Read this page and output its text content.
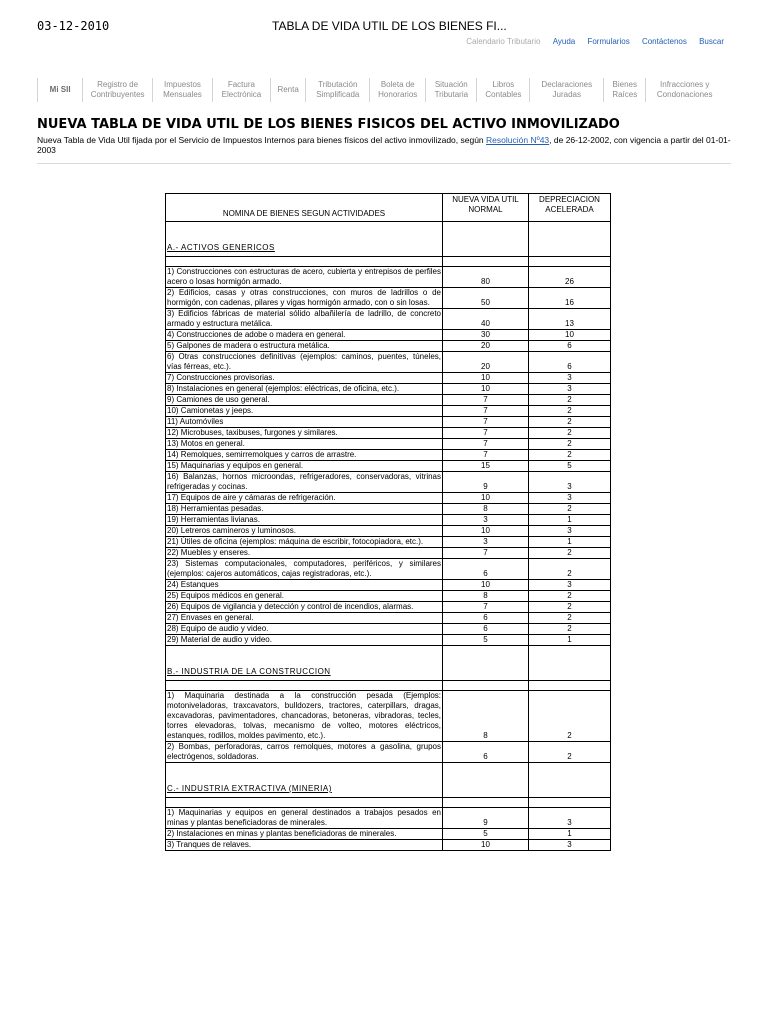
03-12-2010	TABLA DE VIDA UTIL DE LOS BIENES FI...
Calendario Tributario Ayuda Formularios Contáctenos Buscar
Mi SII
Registro de Contribuyentes
Impuestos Mensuales
Factura Electrónica
Renta
Tributación Simplificada
Boleta de Honorarios
Situación Tributaria
Libros Contables
Declaraciones Juradas
Bienes Raíces
Infracciones y Condonaciones
NUEVA TABLA DE VIDA UTIL DE LOS BIENES FISICOS DEL ACTIVO INMOVILIZADO
Nueva Tabla de Vida Util fijada por el Servicio de Impuestos Internos para bienes físicos del activo inmovilizado, según Resolución Nº43, de 26-12-2002, con vigencia a partir del 01-01-2003
NOMINA DE BIENES SEGUN ACTIVIDADES	NUEVA VIDA UTIL NORMAL	DEPRECIACION ACELERADA
A.- ACTIVOS GENERICOS		

1) Construcciones con estructuras de acero, cubierta y entrepisos de perfiles acero o losas hormigón armado.	80	26
2) Edificios, casas y otras construcciones, con muros de ladrillos o de hormigón, con cadenas, pilares y vigas hormigón armado, con o sin losas.	50	16
3) Edificios fábricas de material sólido albañilería de ladrillo, de concreto armado y estructura metálica.	40	13
4) Construcciones de adobe o madera en general.	30	10
5) Galpones de madera o estructura metálica.	20	6
6) Otras construcciones definitivas (ejemplos: caminos, puentes, túneles, vías férreas, etc.).	20	6
7) Construcciones provisorias.	10	3
8) Instalaciones en general (ejemplos: eléctricas, de oficina, etc.).	10	3
9) Camiones de uso general.	7	2
10) Camionetas y jeeps.	7	2
11) Automóviles	7	2
12) Microbuses, taxibuses, furgones y similares.	7	2
13) Motos en general.	7	2
14) Remolques, semirremolques y carros de arrastre.	7	2
15) Maquinarias y equipos en general.	15	5
16) Balanzas, hornos microondas, refrigeradores, conservadoras, vitrinas refrigeradas y cocinas.	9	3
17) Equipos de aire y cámaras de refrigeración.	10	3
18) Herramientas pesadas.	8	2
19) Herramientas livianas.	3	1
20) Letreros camineros y luminosos.	10	3
21) Útiles de oficina (ejemplos: máquina de escribir, fotocopiadora, etc.).	3	1
22) Muebles y enseres.	7	2
23) Sistemas computacionales, computadores, periféricos, y similares (ejemplos: cajeros automáticos, cajas registradoras, etc.).	6	2
24) Estanques	10	3
25) Equipos médicos en general.	8	2
26) Equipos de vigilancia y detección y control de incendios, alarmas.	7	2
27) Envases en general.	6	2
28) Equipo de audio y video.	6	2
29) Material de audio y video.	5	1
B.- INDUSTRIA DE LA CONSTRUCCION		

1) Maquinaria destinada a la construcción pesada (Ejemplos: motoniveladoras, traxcavators, bulldozers, tractores, caterpillars, dragas, excavadoras, pavimentadores, chancadoras, betoneras, vibradoras, tecles, torres elevadoras, tolvas, mecanismo de volteo, motores eléctricos, estanques, rodillos, moldes pavimento, etc.).	8	2
2) Bombas, perforadoras, carros remolques, motores a gasolina, grupos electrógenos, soldadoras.	6	2
C.- INDUSTRIA EXTRACTIVA (MINERIA)		

1) Maquinarias y equipos en general destinados a trabajos pesados en minas y plantas beneficiadoras de minerales.	9	3
2) Instalaciones en minas y plantas beneficiadoras de minerales.	5	1
3) Tranques de relaves.	10	3
